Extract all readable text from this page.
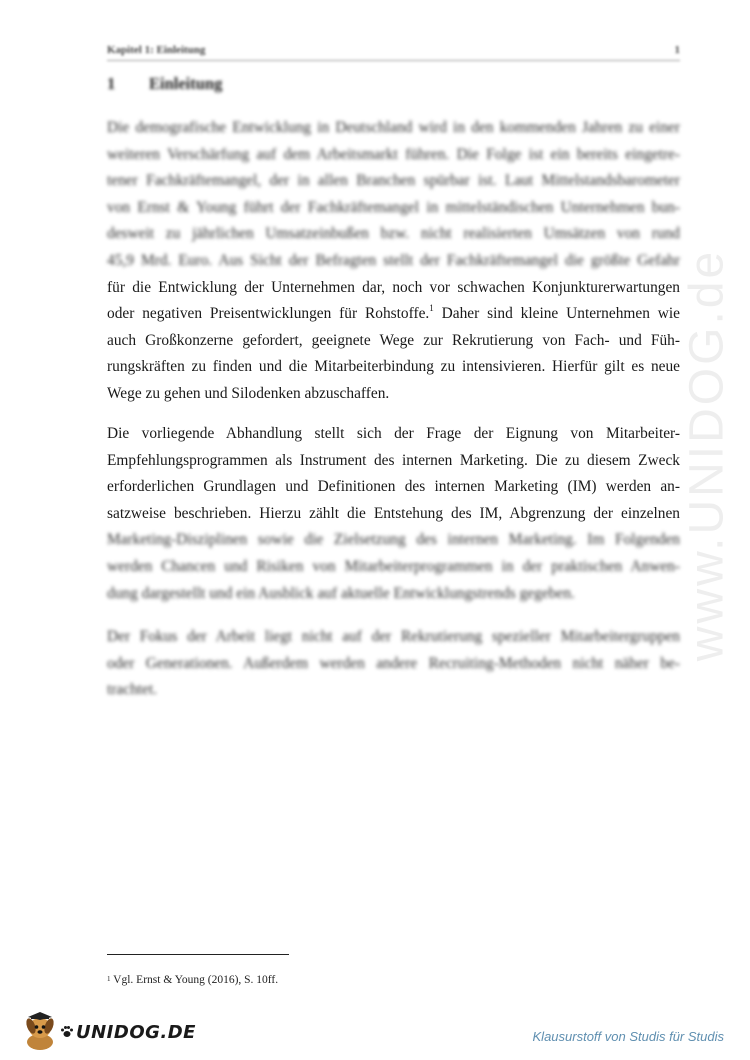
Kapitel 1: Einleitung	1
1 Einleitung
Die demografische Entwicklung in Deutschland wird in den kommenden Jahren zu einer
weiteren Verschärfung auf dem Arbeitsmarkt führen. Die Folge ist ein bereits eingetre-
tener Fachkräftemangel, der in allen Branchen spürbar ist. Laut Mittelstandsbarometer
von Ernst & Young führt der Fachkräftemangel in mittelständischen Unternehmen bun-
desweit zu jährlichen Umsatzeinbußen bzw. nicht realisierten Umsätzen von rund
45,9 Mrd. Euro. Aus Sicht der Befragten stellt der Fachkräftemangel die größte Gefahr
für die Entwicklung der Unternehmen dar, noch vor schwachen Konjunkturerwartungen
oder negativen Preisentwicklungen für Rohstoffe.$^1$ Daher sind kleine Unternehmen wie
auch Großkonzerne gefordert, geeignete Wege zur Rekrutierung von Fach- und Füh-
rungskräften zu finden und die Mitarbeiterbindung zu intensivieren. Hierfür gilt es neue
Wege zu gehen und Silodenken abzuschaffen.
Die vorliegende Abhandlung stellt sich der Frage der Eignung von Mitarbeiter-
Empfehlungsprogrammen als Instrument des internen Marketing. Die zu diesem Zweck
erforderlichen Grundlagen und Definitionen des internen Marketing (IM) werden an-
satzweise beschrieben. Hierzu zählt die Entstehung des IM, Abgrenzung der einzelnen
Marketing-Disziplinen sowie die Zielsetzung des internen Marketing. Im Folgenden
werden Chancen und Risiken von Mitarbeiterprogrammen in der praktischen Anwen-
dung dargestellt und ein Ausblick auf aktuelle Entwicklungstrends gegeben.
Der Fokus der Arbeit liegt nicht auf der Rekrutierung spezieller Mitarbeitergruppen
oder Generationen. Außerdem werden andere Recruiting-Methoden nicht näher be-
trachtet.
$^1$ Vgl. Ernst & Young (2016), S. 10ff.
www.UNIDOG.de
UNIDOG.DE	Klausurstoff von Studis für Studis
